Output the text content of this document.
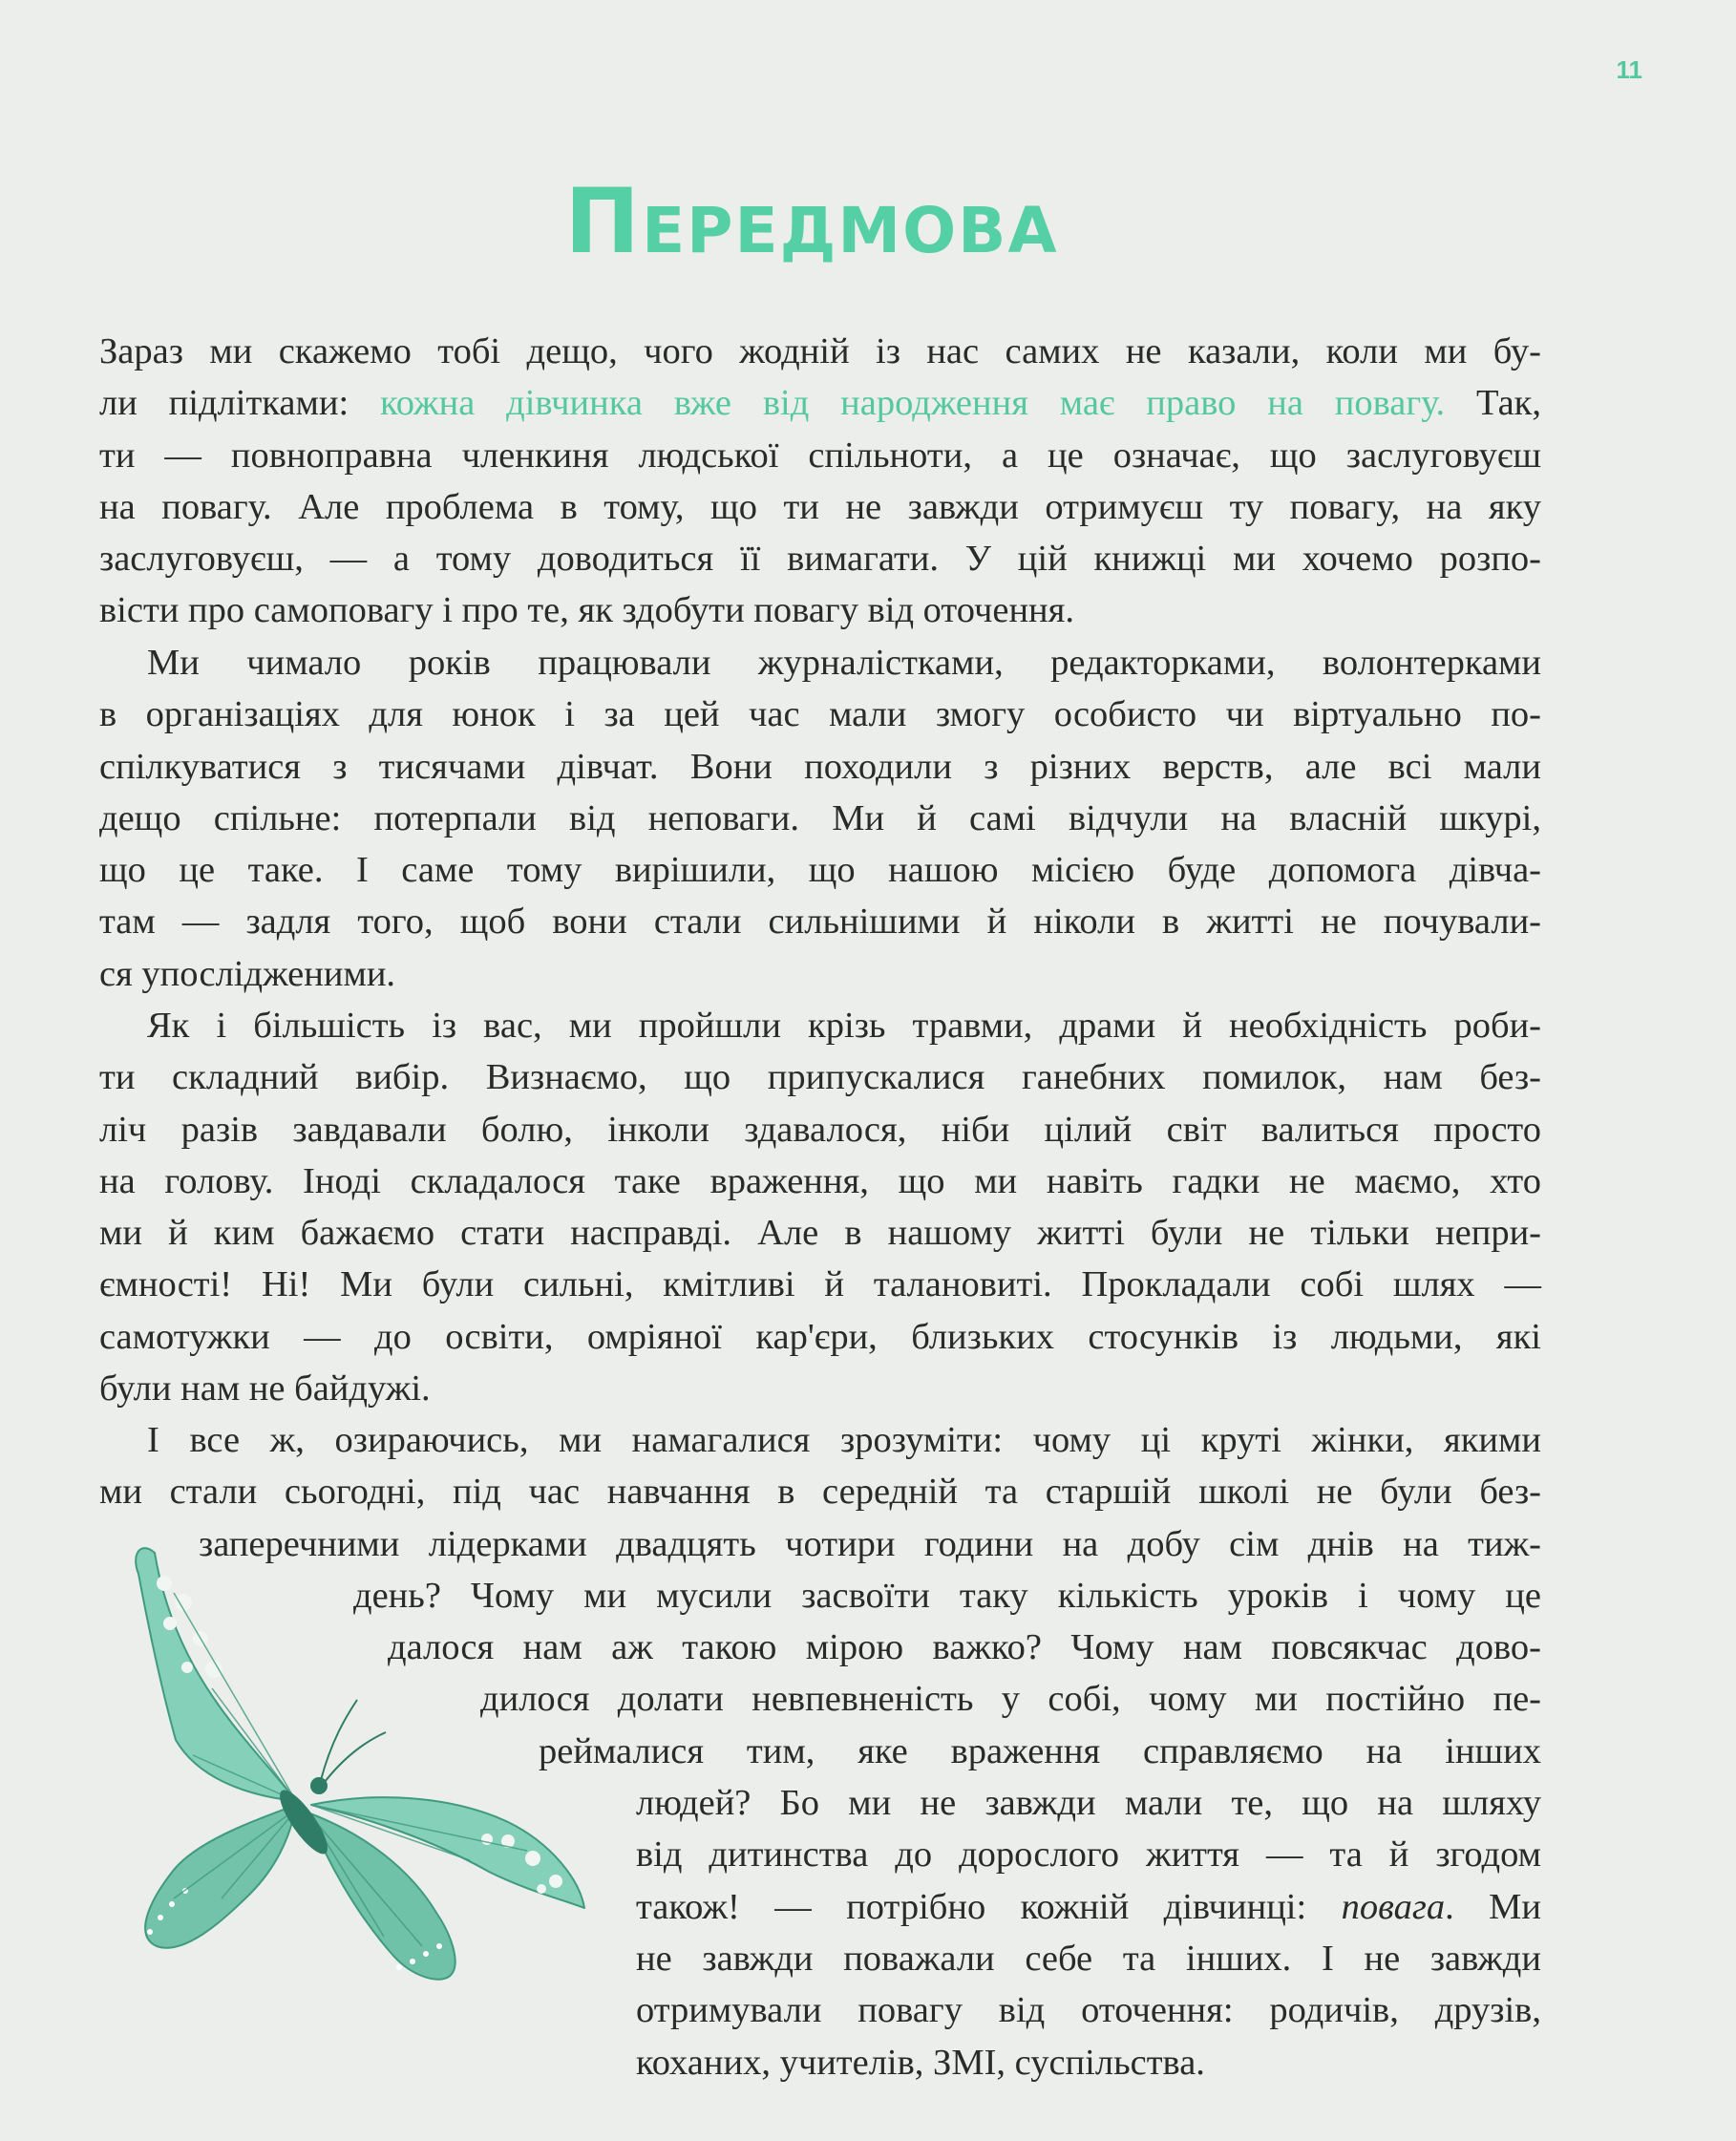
11
Передмова
Зараз ми скажемо тобі дещо, чого жодній із нас самих не казали, коли ми бу-
ли підлітками: кожна дівчинка вже від народження має право на повагу. Так,
ти — повноправна членкиня людської спільноти, а це означає, що заслуговуєш
на повагу. Але проблема в тому, що ти не завжди отримуєш ту повагу, на яку
заслуговуєш, — а тому доводиться її вимагати. У цій книжці ми хочемо розпо-
вісти про самоповагу і про те, як здобути повагу від оточення.
Ми чимало років працювали журналістками, редакторками, волонтерками
в організаціях для юнок і за цей час мали змогу особисто чи віртуально по-
спілкуватися з тисячами дівчат. Вони походили з різних верств, але всі мали
дещо спільне: потерпали від неповаги. Ми й самі відчули на власній шкурі,
що це таке. І саме тому вирішили, що нашою місією буде допомога дівча-
там — задля того, щоб вони стали сильнішими й ніколи в житті не почували-
ся упослідженими.
Як і більшість із вас, ми пройшли крізь травми, драми й необхідність роби-
ти складний вибір. Визнаємо, що припускалися ганебних помилок, нам без-
ліч разів завдавали болю, інколи здавалося, ніби цілий світ валиться просто
на голову. Іноді складалося таке враження, що ми навіть гадки не маємо, хто
ми й ким бажаємо стати насправді. Але в нашому житті були не тільки непри-
ємності! Ні! Ми були сильні, кмітливі й талановиті. Прокладали собі шлях —
самотужки — до освіти, омріяної кар'єри, близьких стосунків із людьми, які
були нам не байдужі.
І все ж, озираючись, ми намагалися зрозуміти: чому ці круті жінки, якими
ми стали сьогодні, під час навчання в середній та старшій школі не були без-
заперечними лідерками двадцять чотири години на добу сім днів на тиж-
день? Чому ми мусили засвоїти таку кількість уроків і чому це
далося нам аж такою мірою важко? Чому нам повсякчас дово-
дилося долати невпевненість у собі, чому ми постійно пе-
реймалися тим, яке враження справляємо на інших
людей? Бо ми не завжди мали те, що на шляху
від дитинства до дорослого життя — та й згодом
також! — потрібно кожній дівчинці: повага. Ми
не завжди поважали себе та інших. І не завжди
отримували повагу від оточення: родичів, друзів,
коханих, учителів, ЗМІ, суспільства.
